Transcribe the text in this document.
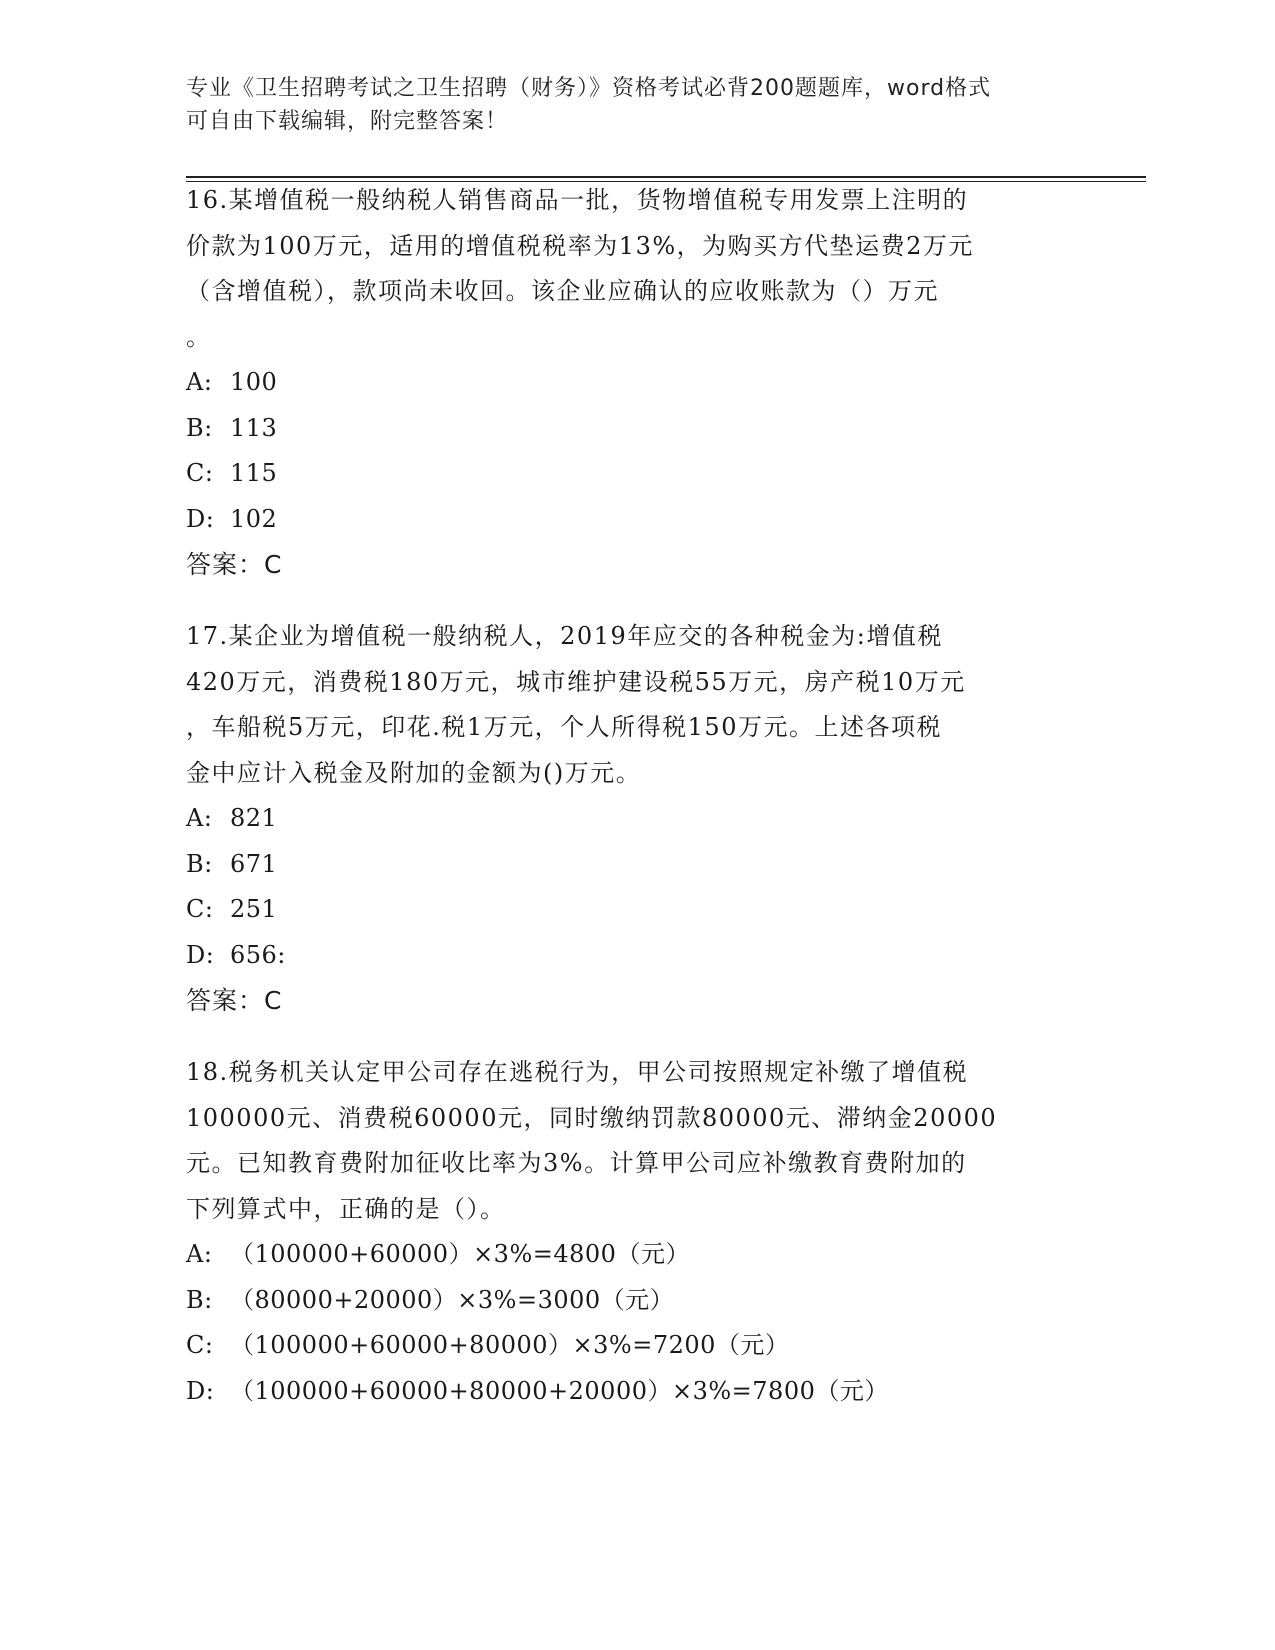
专业《卫生招聘考试之卫生招聘（财务）》资格考试必背200题题库，word格式
可自由下载编辑，附完整答案！
16.某增值税一般纳税人销售商品一批，货物增值税专用发票上注明的
价款为100万元，适用的增值税税率为13%，为购买方代垫运费2万元
（含增值税），款项尚未收回。该企业应确认的应收账款为（）万元
。
A: 100
B: 113
C: 115
D: 102
答案：C
17.某企业为增值税一般纳税人，2019年应交的各种税金为:增值税
420万元，消费税180万元，城市维护建设税55万元，房产税10万元
，车船税5万元，印花.税1万元，个人所得税150万元。上述各项税
金中应计入税金及附加的金额为()万元。
A: 821
B: 671
C: 251
D: 656:
答案：C
18.税务机关认定甲公司存在逃税行为，甲公司按照规定补缴了增值税
100000元、消费税60000元，同时缴纳罚款80000元、滞纳金20000
元。已知教育费附加征收比率为3%。计算甲公司应补缴教育费附加的
下列算式中，正确的是（）。
A: （100000+60000）×3%=4800（元）
B: （80000+20000）×3%=3000（元）
C: （100000+60000+80000）×3%=7200（元）
D: （100000+60000+80000+20000）×3%=7800（元）
